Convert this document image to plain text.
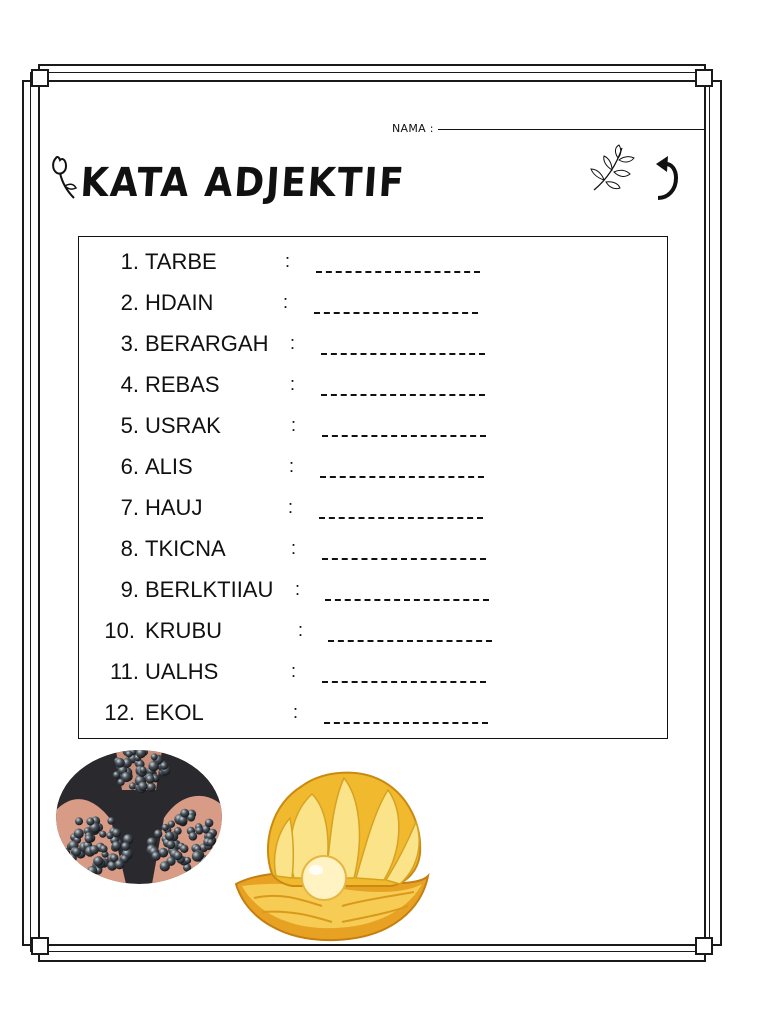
NAMA :
KATA ADJEKTIF
1. TARBE	:
2. HDAIN	:
3. BERARGAH :
4. REBAS	:
5. USRAK	:
6. ALIS	:
7. HAUJ	:
8. TKICNA	:
9. BERLKTIIAU :
10. KRUBU	:
11. UALHS	:
12. EKOL	:
